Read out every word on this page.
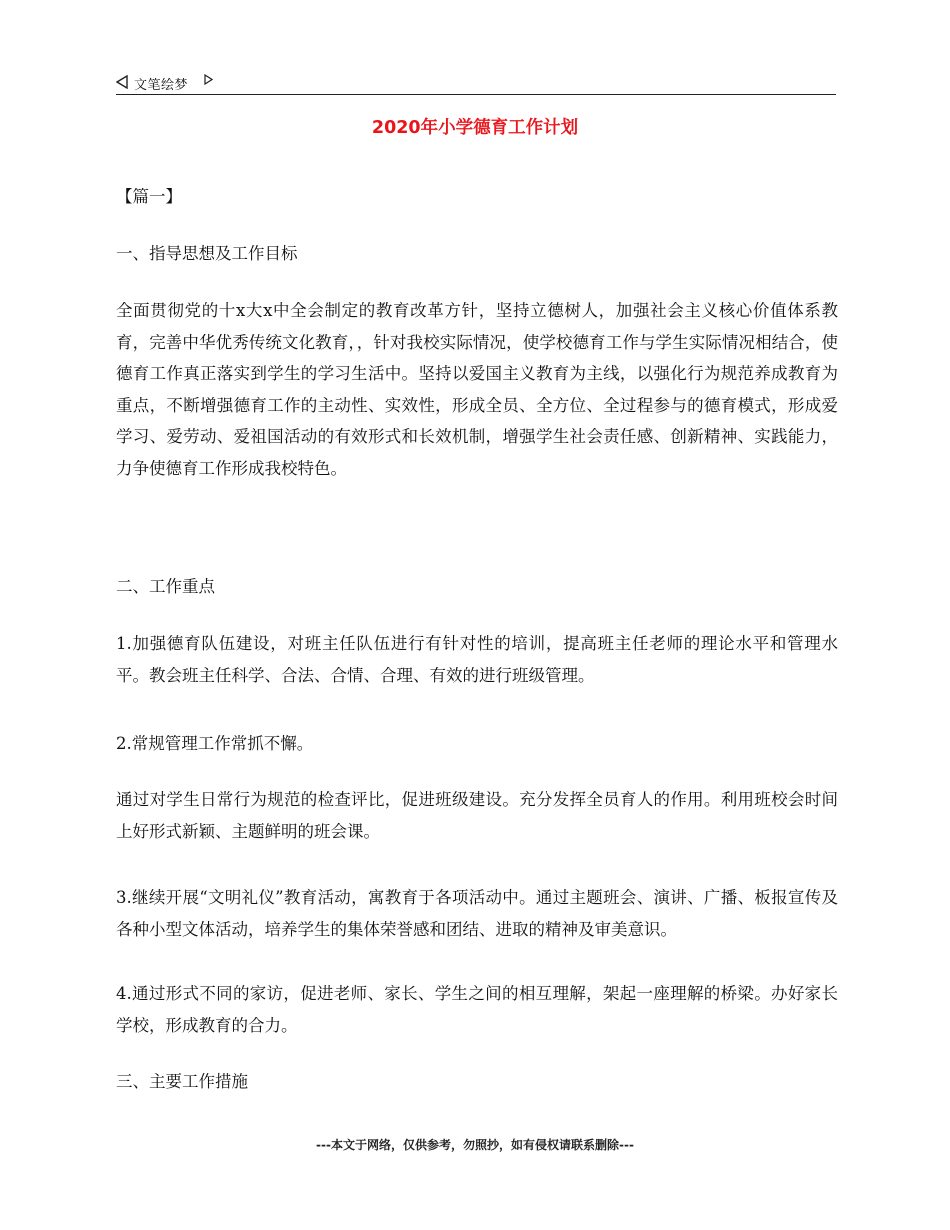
文笔绘梦
2020年小学德育工作计划
【篇一】
一、指导思想及工作目标
全面贯彻党的十x大x中全会制定的教育改革方针，坚持立德树人，加强社会主义核心价值体系教育，完善中华优秀传统文化教育，，针对我校实际情况，使学校德育工作与学生实际情况相结合，使德育工作真正落实到学生的学习生活中。坚持以爱国主义教育为主线，以强化行为规范养成教育为重点，不断增强德育工作的主动性、实效性，形成全员、全方位、全过程参与的德育模式，形成爱学习、爱劳动、爱祖国活动的有效形式和长效机制，增强学生社会责任感、创新精神、实践能力，力争使德育工作形成我校特色。
二、工作重点
1.加强德育队伍建设，对班主任队伍进行有针对性的培训，提高班主任老师的理论水平和管理水平。教会班主任科学、合法、合情、合理、有效的进行班级管理。
2.常规管理工作常抓不懈。
通过对学生日常行为规范的检查评比，促进班级建设。充分发挥全员育人的作用。利用班校会时间上好形式新颖、主题鲜明的班会课。
3.继续开展“文明礼仪”教育活动，寓教育于各项活动中。通过主题班会、演讲、广播、板报宣传及各种小型文体活动，培养学生的集体荣誉感和团结、进取的精神及审美意识。
4.通过形式不同的家访，促进老师、家长、学生之间的相互理解，架起一座理解的桥梁。办好家长学校，形成教育的合力。
三、主要工作措施
---本文于网络，仅供参考，勿照抄，如有侵权请联系删除---
